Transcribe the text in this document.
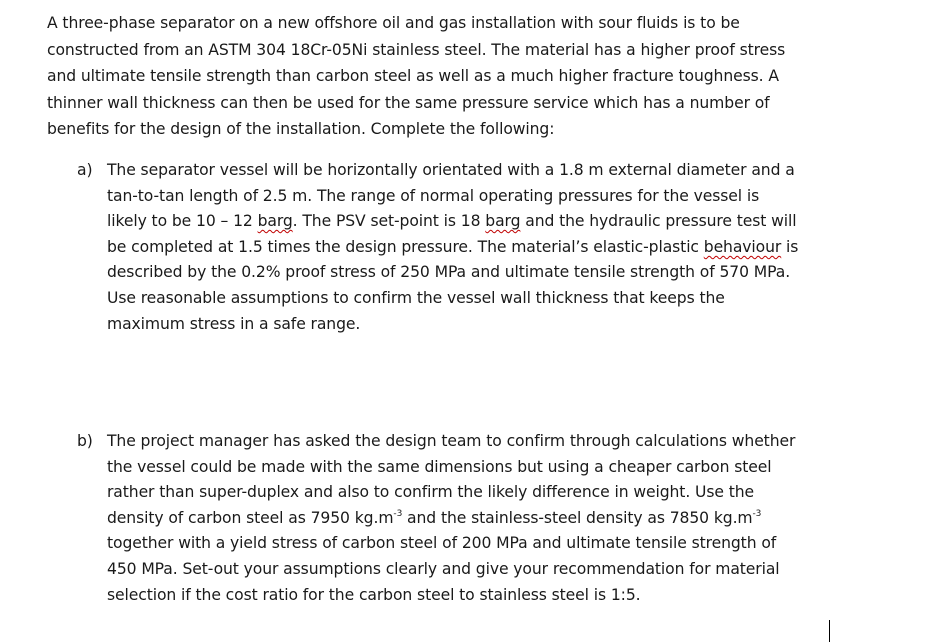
A three-phase separator on a new offshore oil and gas installation with sour fluids is to be
constructed from an ASTM 304 18Cr-05Ni stainless steel. The material has a higher proof stress
and ultimate tensile strength than carbon steel as well as a much higher fracture toughness. A
thinner wall thickness can then be used for the same pressure service which has a number of
benefits for the design of the installation. Complete the following:
a) The separator vessel will be horizontally orientated with a 1.8 m external diameter and a
tan-to-tan length of 2.5 m. The range of normal operating pressures for the vessel is
likely to be 10 – 12 barg. The PSV set-point is 18 barg and the hydraulic pressure test will
be completed at 1.5 times the design pressure. The material’s elastic-plastic behaviour is
described by the 0.2% proof stress of 250 MPa and ultimate tensile strength of 570 MPa.
Use reasonable assumptions to confirm the vessel wall thickness that keeps the
maximum stress in a safe range.
b) The project manager has asked the design team to confirm through calculations whether
the vessel could be made with the same dimensions but using a cheaper carbon steel
rather than super-duplex and also to confirm the likely difference in weight. Use the
density of carbon steel as 7950 $kg.m^{-3}$ and the stainless-steel density as 7850 $kg.m^{-3}$
together with a yield stress of carbon steel of 200 MPa and ultimate tensile strength of
450 MPa. Set-out your assumptions clearly and give your recommendation for material
selection if the cost ratio for the carbon steel to stainless steel is 1:5.
